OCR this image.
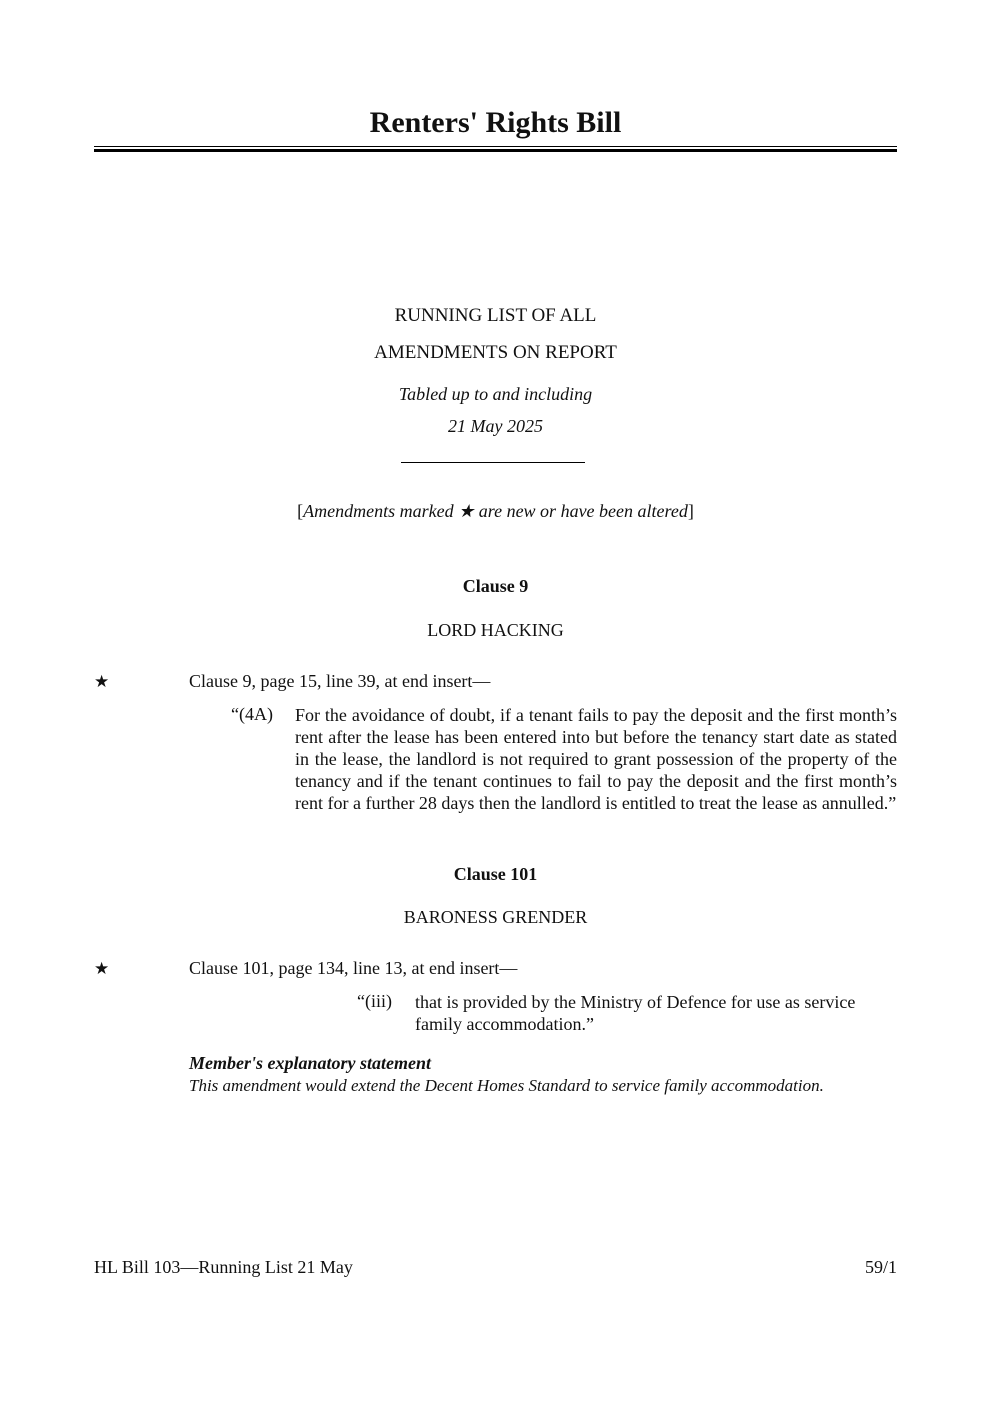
Renters' Rights Bill
RUNNING LIST OF ALL
AMENDMENTS ON REPORT
Tabled up to and including
21 May 2025
[Amendments marked ★ are new or have been altered]
Clause 9
LORD HACKING
★	Clause 9, page 15, line 39, at end insert—
“(4A) For the avoidance of doubt, if a tenant fails to pay the deposit and the first month’s rent after the lease has been entered into but before the tenancy start date as stated in the lease, the landlord is not required to grant possession of the property of the tenancy and if the tenant continues to fail to pay the deposit and the first month’s rent for a further 28 days then the landlord is entitled to treat the lease as annulled.”
Clause 101
BARONESS GRENDER
★	Clause 101, page 134, line 13, at end insert—
“(iii) that is provided by the Ministry of Defence for use as service family accommodation.”
Member's explanatory statement
This amendment would extend the Decent Homes Standard to service family accommodation.
HL Bill 103—Running List 21 May	59/1
